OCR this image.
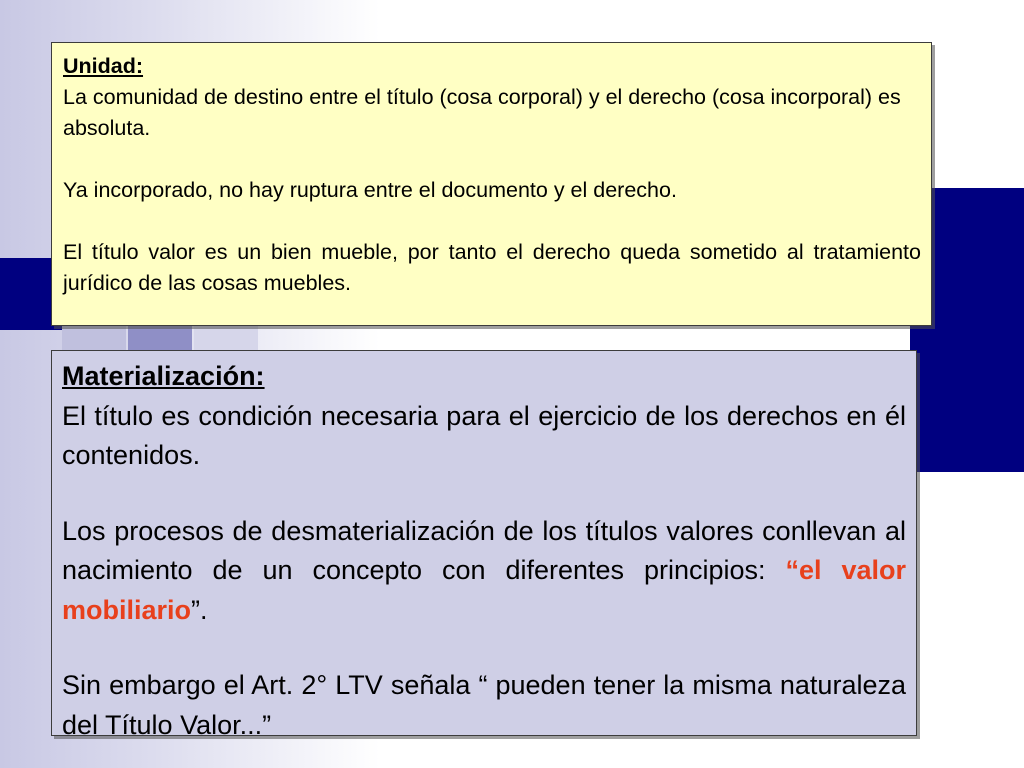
Unidad:

La comunidad de destino entre el título (cosa corporal) y el derecho (cosa incorporal) es absoluta.

Ya incorporado, no hay ruptura entre el documento y el derecho.

El título valor es un bien mueble, por tanto el derecho queda sometido al tratamiento jurídico de las cosas muebles.

Materialización:

El título es condición necesaria para el ejercicio de los derechos en él contenidos.

Los procesos de desmaterialización de los títulos valores conllevan al nacimiento de un concepto con diferentes principios: “el valor mobiliario”.

Sin embargo el Art. 2° LTV señala “ pueden tener la misma naturaleza del Título Valor...”
